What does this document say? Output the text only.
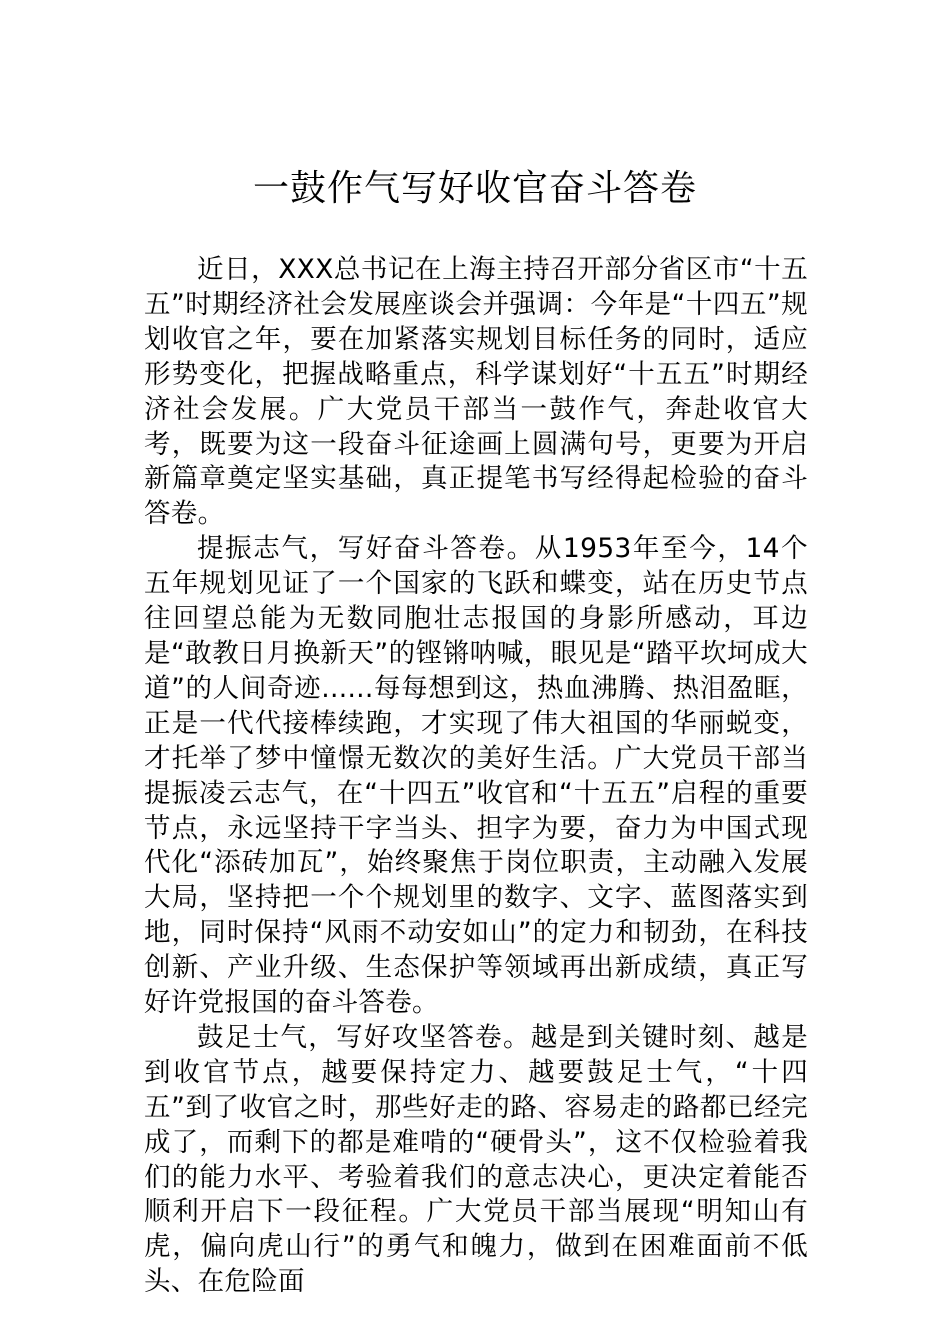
一鼓作气写好收官奋斗答卷

近日，XXX总书记在上海主持召开部分省区市“十五五”时期经济社会发展座谈会并强调：今年是“十四五”规划收官之年，要在加紧落实规划目标任务的同时，适应形势变化，把握战略重点，科学谋划好“十五五”时期经济社会发展。广大党员干部当一鼓作气，奔赴收官大考，既要为这一段奋斗征途画上圆满句号，更要为开启新篇章奠定坚实基础，真正提笔书写经得起检验的奋斗答卷。

提振志气，写好奋斗答卷。从1953年至今，14个五年规划见证了一个国家的飞跃和蝶变，站在历史节点往回望总能为无数同胞壮志报国的身影所感动，耳边是“敢教日月换新天”的铿锵呐喊，眼见是“踏平坎坷成大道”的人间奇迹......每每想到这，热血沸腾、热泪盈眶，正是一代代接棒续跑，才实现了伟大祖国的华丽蜕变，才托举了梦中憧憬无数次的美好生活。广大党员干部当提振凌云志气，在“十四五”收官和“十五五”启程的重要节点，永远坚持干字当头、担字为要，奋力为中国式现代化“添砖加瓦”，始终聚焦于岗位职责，主动融入发展大局，坚持把一个个规划里的数字、文字、蓝图落实到地，同时保持“风雨不动安如山”的定力和韧劲，在科技创新、产业升级、生态保护等领域再出新成绩，真正写好许党报国的奋斗答卷。

鼓足士气，写好攻坚答卷。越是到关键时刻、越是到收官节点，越要保持定力、越要鼓足士气，“十四五”到了收官之时，那些好走的路、容易走的路都已经完成了，而剩下的都是难啃的“硬骨头”，这不仅检验着我们的能力水平、考验着我们的意志决心，更决定着能否顺利开启下一段征程。广大党员干部当展现“明知山有虎，偏向虎山行”的勇气和魄力，做到在困难面前不低头、在危险面
